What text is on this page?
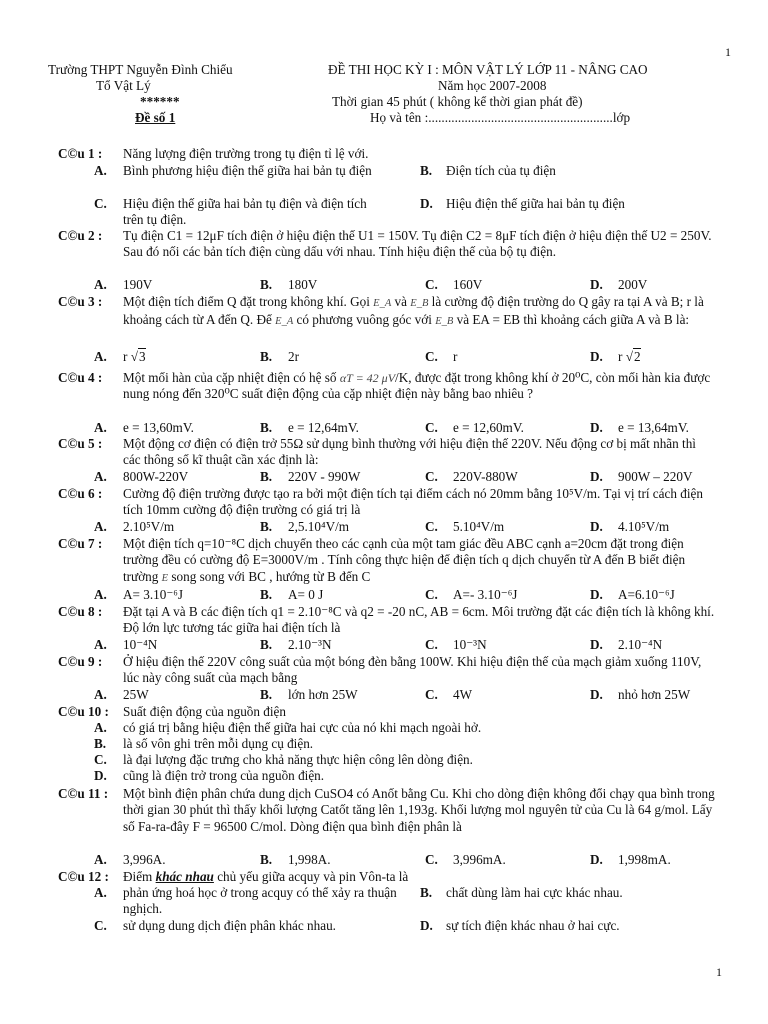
1
1
Trường THPT Nguyễn Đình Chiểu
Tổ Vật Lý
******
Đề số 1
ĐỀ THI HỌC KỲ I : MÔN VẬT LÝ LỚP 11 - NÂNG CAO
Năm học 2007-2008
Thời gian 45 phút ( không kể thời gian phát đề)
Họ và tên :........................................................lớp
C©u 1 : Năng lượng điện trường trong tụ điện tỉ lệ với.
A. Bình phương hiệu điện thế giữa hai bản tụ điện	B. Điện tích của tụ điện
C. Hiệu điện thế giữa hai bản tụ điện và điện tích trên tụ điện.
D. Hiệu điện thế giữa hai bản tụ điện
C©u 2 : Tụ điện C1 = 12μF tích điện ở hiệu điện thế U1 = 150V. Tụ điện C2 = 8μF tích điện ở hiệu điện thế U2 = 250V. Sau đó nối các bản tích điện cùng dấu với nhau. Tính hiệu điện thế của bộ tụ điện.
A. 190V	B. 180V	C. 160V	D. 200V
C©u 3 : Một điện tích điểm Q đặt trong không khí. Gọi E_A và E_B là cường độ điện trường do Q gây ra tại A và B; r là khoảng cách từ A đến Q. Để E_A có phương vuông góc với E_B và EA = EB thì khoảng cách giữa A và B là:
A. r √3	B. 2r	C. r	D. r √2
C©u 4 : Một mối hàn của cặp nhiệt điện có hệ số αT = 42 μV/K, được đặt trong không khí ở 20⁰C, còn mối hàn kia được nung nóng đến 320⁰C suất điện động của cặp nhiệt điện này bằng bao nhiêu ?
A. e = 13,60mV.	B. e = 12,64mV.	C. e = 12,60mV.	D. e = 13,64mV.
C©u 5 : Một động cơ điện có điện trở 55Ω sử dụng bình thường với hiệu điện thế 220V. Nếu động cơ bị mất nhãn thì các thông số kĩ thuật cần xác định là:
A. 800W-220V	B. 220V - 990W	C. 220V-880W	D. 900W – 220V
C©u 6 : Cường độ điện trường được tạo ra bởi một điện tích tại điểm cách nó 20mm bằng 10⁵V/m. Tại vị trí cách điện tích 10mm cường độ điện trường có giá trị là
A. 2.10⁵V/m	B. 2,5.10⁴V/m	C. 5.10⁴V/m	D. 4.10⁵V/m
C©u 7 : Một điện tích q=10⁻⁸C dịch chuyển theo các cạnh của một tam giác đều ABC cạnh a=20cm đặt trong điện trường đều có cường độ E=3000V/m . Tính công thực hiện để điện tích q dịch chuyển từ A đến B biết điện trường E song song với BC , hướng từ B đến C
A. A= 3.10⁻⁶J	B. A= 0 J	C. A=- 3.10⁻⁶J	D. A=6.10⁻⁶J
C©u 8 : Đặt tại A và B các điện tích q1 = 2.10⁻⁸C và q2 = -20 nC, AB = 6cm. Môi trường đặt các điện tích là không khí. Độ lớn lực tương tác giữa hai điện tích là
A. 10⁻⁴N	B. 2.10⁻³N	C. 10⁻³N	D. 2.10⁻⁴N
C©u 9 : Ở hiệu điện thế 220V công suất của một bóng đèn bằng 100W. Khi hiệu điện thế của mạch giảm xuống 110V, lúc này công suất của mạch bằng
A. 25W	B. lớn hơn 25W	C. 4W	D. nhỏ hơn 25W
C©u 10 : Suất điện động của nguồn điện
A. có giá trị bằng hiệu điện thế giữa hai cực của nó khi mạch ngoài hở.
B. là số vôn ghi trên mỗi dụng cụ điện.
C. là đại lượng đặc trưng cho khả năng thực hiện công lên dòng điện.
D. cũng là điện trở trong của nguồn điện.
C©u 11 : Một bình điện phân chứa dung dịch CuSO4 có Anốt bằng Cu. Khi cho dòng điện không đổi chạy qua bình trong thời gian 30 phút thì thấy khối lượng Catốt tăng lên 1,193g. Khối lượng mol nguyên tử của Cu là 64 g/mol. Lấy số Fa-ra-đây F = 96500 C/mol. Dòng điện qua bình điện phân là
A. 3,996A.	B. 1,998A.	C. 3,996mA.	D. 1,998mA.
C©u 12 : Điểm khác nhau chủ yếu giữa acquy và pin Vôn-ta là
A. phản ứng hoá học ở trong acquy có thể xảy ra thuận nghịch.
B. chất dùng làm hai cực khác nhau.
C. sử dụng dung dịch điện phân khác nhau.	D. sự tích điện khác nhau ở hai cực.
